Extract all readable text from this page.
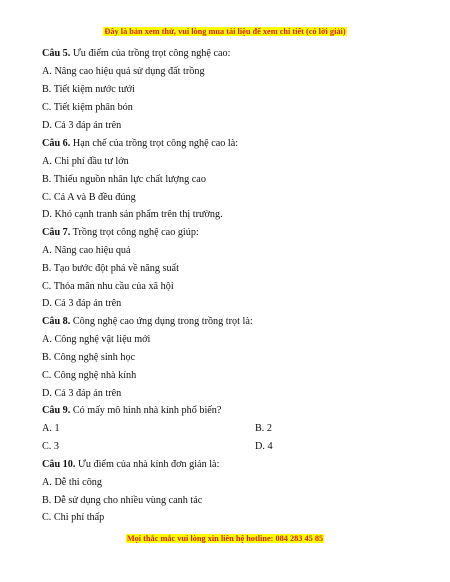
Đây là bản xem thử, vui lòng mua tài liệu để xem chi tiết (có lời giải)
Câu 5. Ưu điểm của trồng trọt công nghệ cao:
A. Nâng cao hiệu quả sử dụng đất trồng
B. Tiết kiệm nước tưới
C. Tiết kiệm phân bón
D. Cả 3 đáp án trên
Câu 6. Hạn chế của trồng trọt công nghệ cao là:
A. Chi phí đầu tư lớn
B. Thiếu nguồn nhân lực chất lượng cao
C. Cả A và B đều đúng
D. Khó cạnh tranh sản phẩm trên thị trường.
Câu 7. Trồng trọt công nghệ cao giúp:
A. Nâng cao hiệu quả
B. Tạo bước đột phá về năng suất
C. Thỏa mãn nhu cầu của xã hội
D. Cả 3 đáp án trên
Câu 8. Công nghệ cao ứng dụng trong trồng trọt là:
A. Công nghệ vật liệu mới
B. Công nghệ sinh học
C. Công nghệ nhà kính
D. Cả 3 đáp án trên
Câu 9. Có mấy mô hình nhà kính phổ biến?
A. 1	B. 2
C. 3	D. 4
Câu 10. Ưu điểm của nhà kính đơn giản là:
A. Dễ thi công
B. Dễ sử dụng cho nhiều vùng canh tác
C. Chi phí thấp
Mọi thắc mắc vui lòng xin liên hệ hotline: 084 283 45 85
